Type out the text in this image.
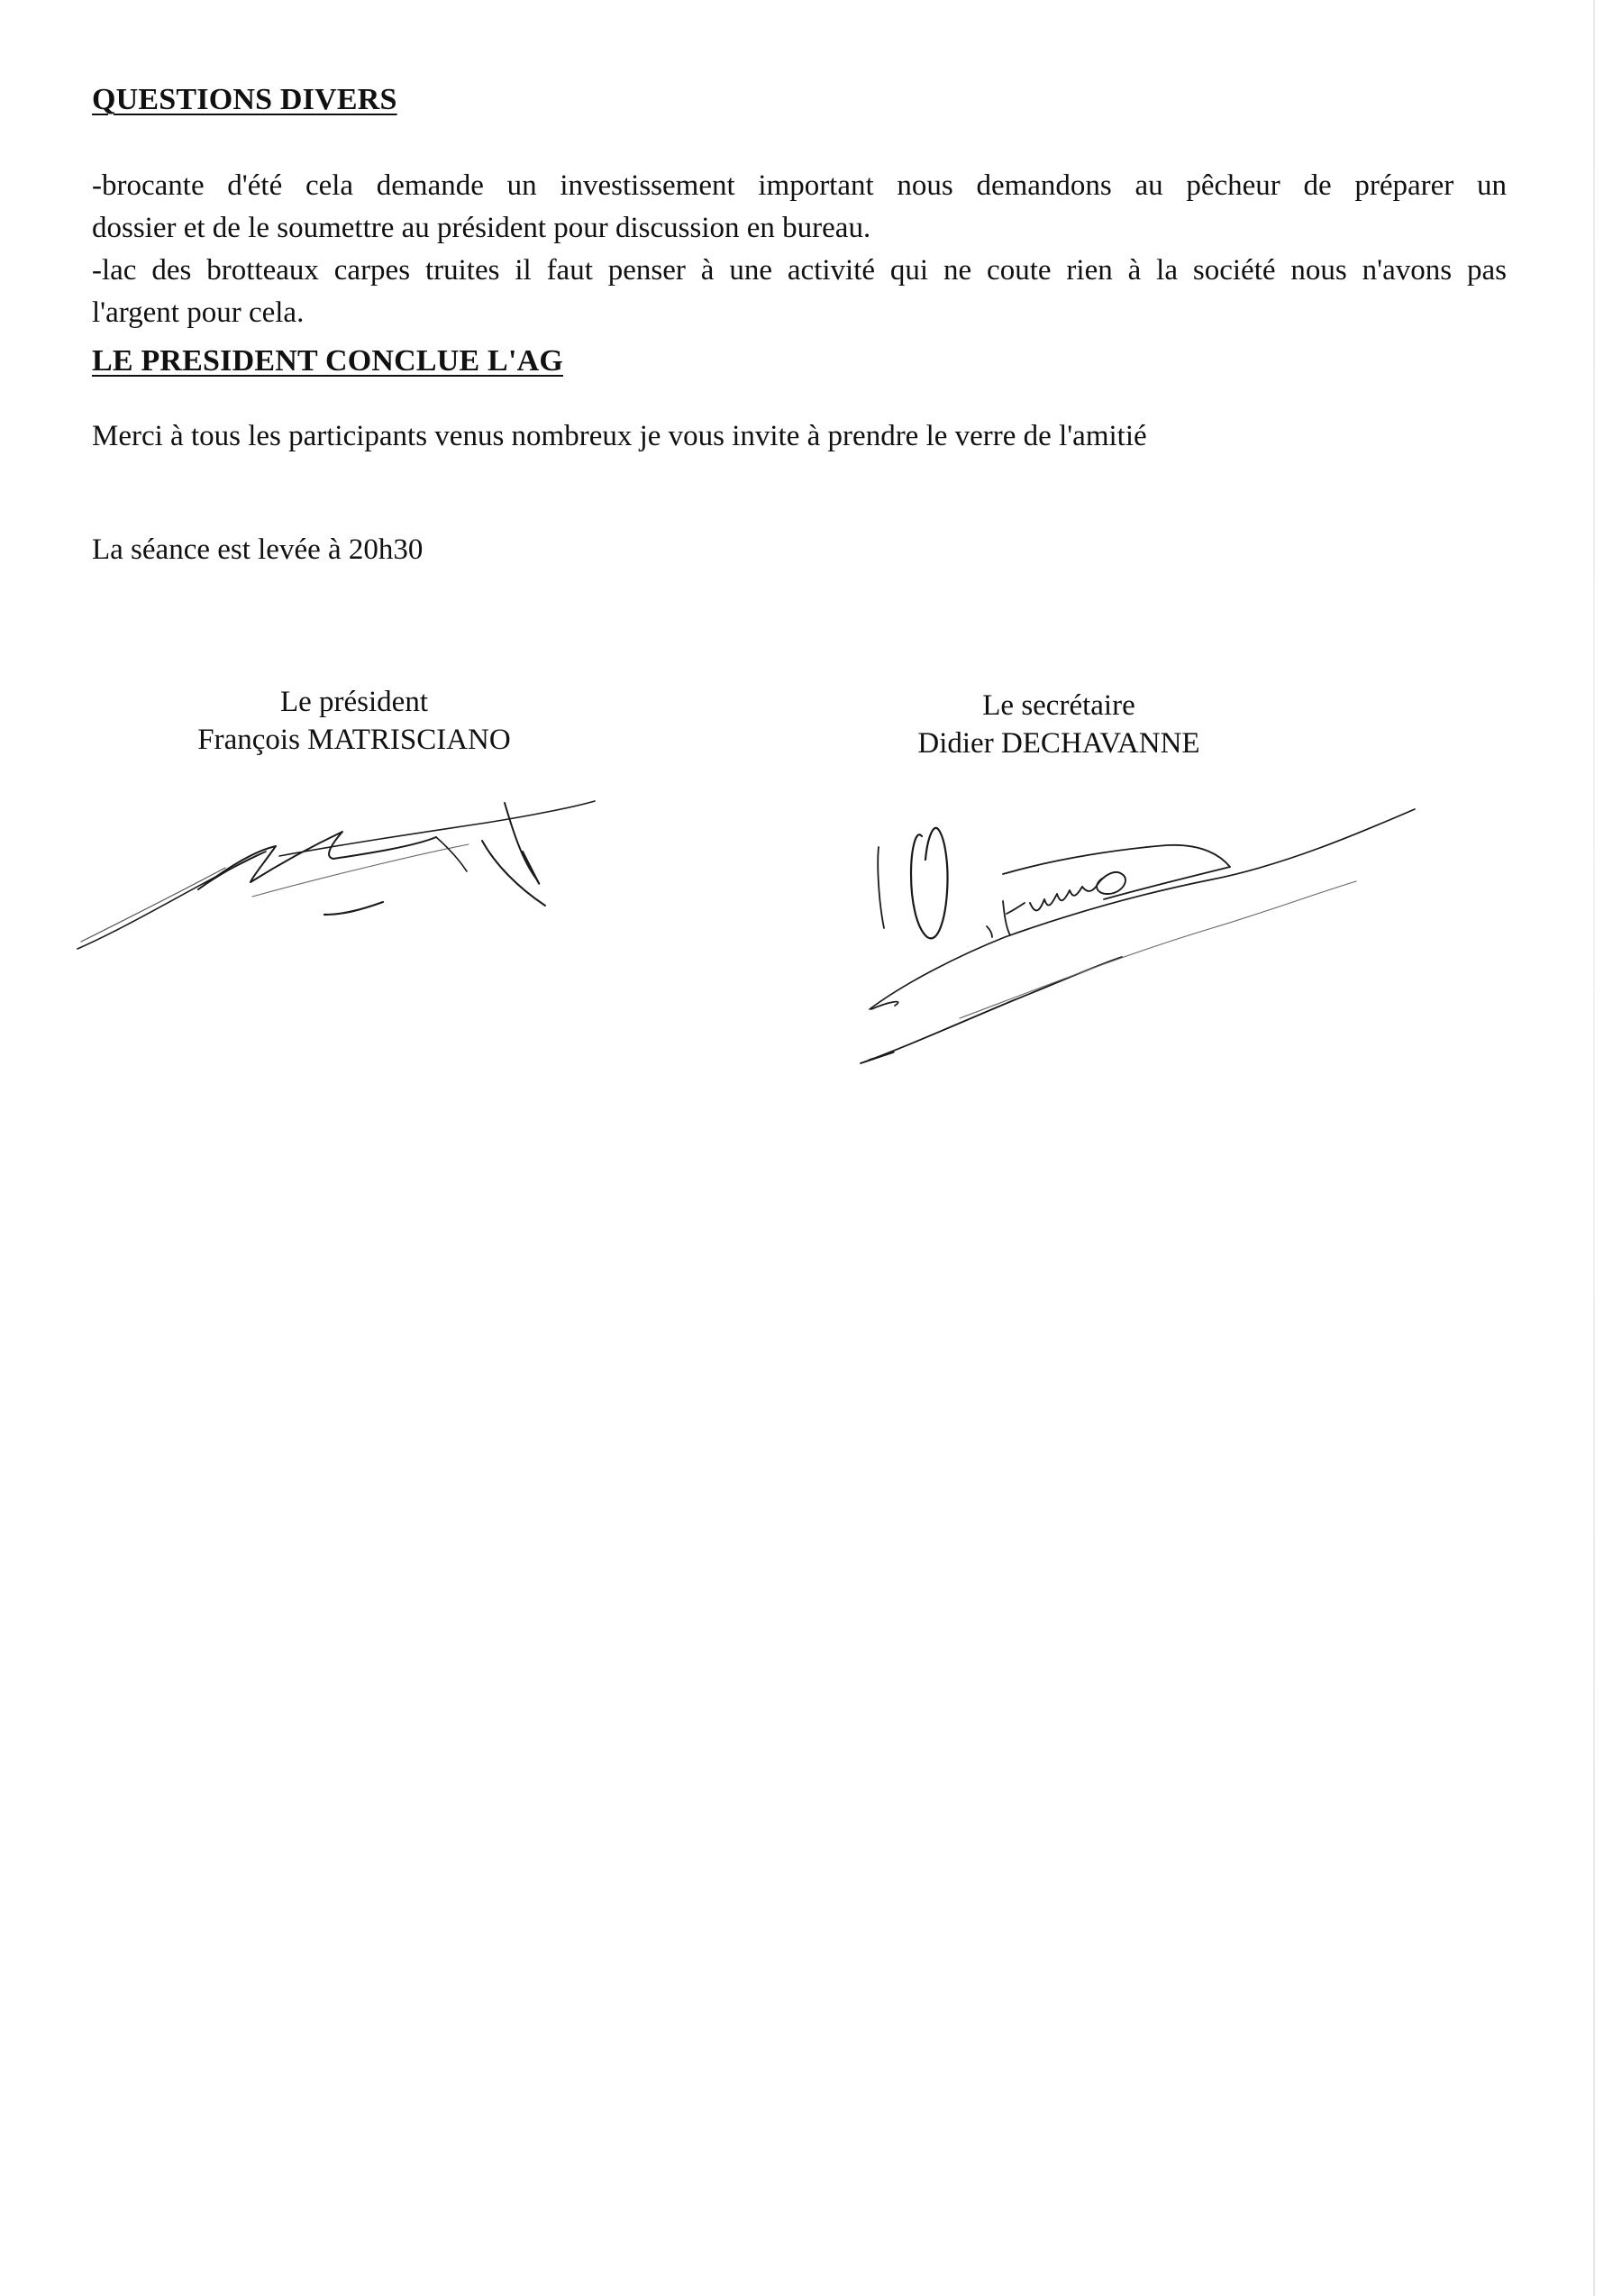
QUESTIONS DIVERS
-brocante d'été cela demande un investissement important nous demandons au pêcheur de préparer un
dossier et de le soumettre au président pour discussion en bureau.
-lac des brotteaux carpes truites il faut penser à une activité qui ne coute rien à la société nous n'avons pas
l'argent pour cela.
LE PRESIDENT CONCLUE L'AG
Merci à tous les participants venus nombreux je vous invite à prendre le verre de l'amitié
La séance est levée à 20h30
Le président
François MATRISCIANO
Le secrétaire
Didier DECHAVANNE
